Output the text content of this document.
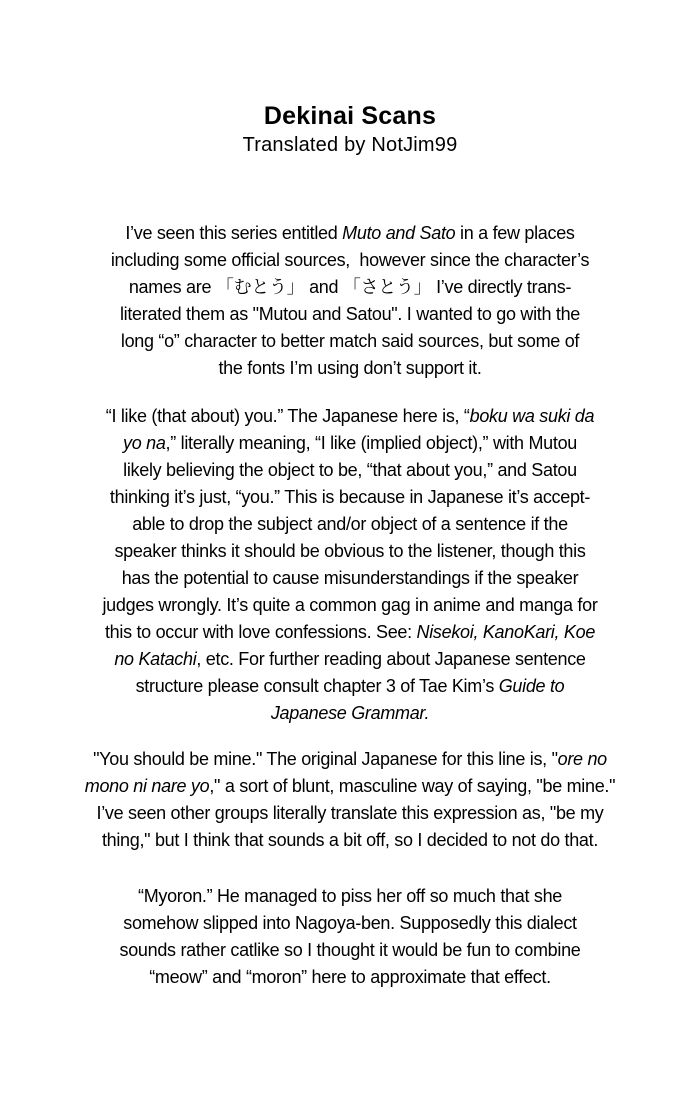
Dekinai Scans
Translated by NotJim99
I’ve seen this series entitled Muto and Sato in a few places
including some official sources,  however since the character’s
names are 「むとう」 and 「さとう」 I’ve directly trans-
literated them as "Mutou and Satou". I wanted to go with the
long “o” character to better match said sources, but some of
the fonts I’m using don’t support it.
“I like (that about) you.” The Japanese here is, “boku wa suki da
yo na,” literally meaning, “I like (implied object),” with Mutou
likely believing the object to be, “that about you,” and Satou
thinking it’s just, “you.” This is because in Japanese it’s accept-
able to drop the subject and/or object of a sentence if the
speaker thinks it should be obvious to the listener, though this
has the potential to cause misunderstandings if the speaker
judges wrongly. It’s quite a common gag in anime and manga for
this to occur with love confessions. See: Nisekoi, KanoKari, Koe
no Katachi, etc. For further reading about Japanese sentence
structure please consult chapter 3 of Tae Kim’s Guide to
Japanese Grammar.
"You should be mine." The original Japanese for this line is, "ore no
mono ni nare yo," a sort of blunt, masculine way of saying, "be mine."
I’ve seen other groups literally translate this expression as, "be my
thing," but I think that sounds a bit off, so I decided to not do that.
“Myoron.” He managed to piss her off so much that she
somehow slipped into Nagoya-ben. Supposedly this dialect
sounds rather catlike so I thought it would be fun to combine
“meow” and “moron” here to approximate that effect.
